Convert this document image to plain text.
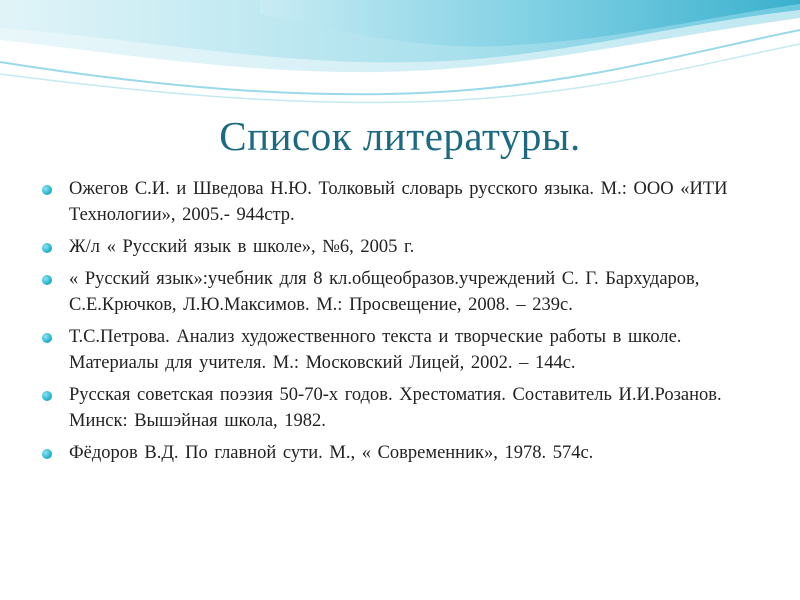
Список литературы.
Ожегов С.И. и Шведова Н.Ю. Толковый словарь русского языка. М.: ООО «ИТИ Технологии», 2005.- 944стр.
Ж/л « Русский язык в школе», №6, 2005 г.
« Русский язык»:учебник для 8 кл.общеобразов.учреждений С. Г. Бархударов, С.Е.Крючков, Л.Ю.Максимов. М.: Просвещение, 2008. – 239с.
Т.С.Петрова. Анализ художественного текста и творческие работы в школе. Материалы для учителя. М.: Московский Лицей, 2002. – 144с.
Русская советская поэзия 50-70-х годов. Хрестоматия. Составитель И.И.Розанов. Минск: Вышэйная школа, 1982.
Фёдоров В.Д. По главной сути. М., « Современник», 1978. 574с.
